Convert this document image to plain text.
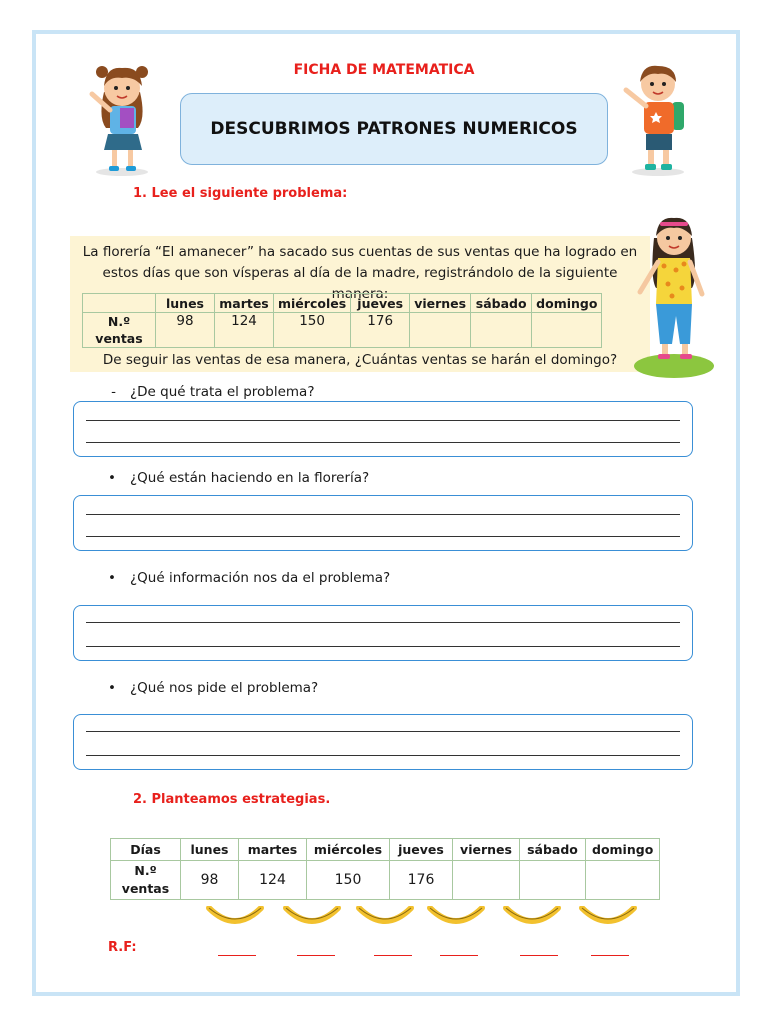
FICHA DE MATEMATICA
DESCUBRIMOS PATRONES NUMERICOS
1. Lee el siguiente problema:
La florería “El amanecer” ha sacado sus cuentas de sus ventas que ha logrado en
estos días que son vísperas al día de la madre, registrándolo de la siguiente manera:
	lunes	martes	miércoles	jueves	viernes	sábado	domingo

N.º
ventas	98	124	150	176			
De seguir las ventas de esa manera, ¿Cuántas ventas se harán el domingo?
- ¿De qué trata el problema?
• ¿Qué están haciendo en la florería?
• ¿Qué información nos da el problema?
• ¿Qué nos pide el problema?
2. Planteamos estrategias.
Días	lunes	martes	miércoles	jueves	viernes	sábado	domingo

N.º
ventas	98	124	150	176			
R.F:
